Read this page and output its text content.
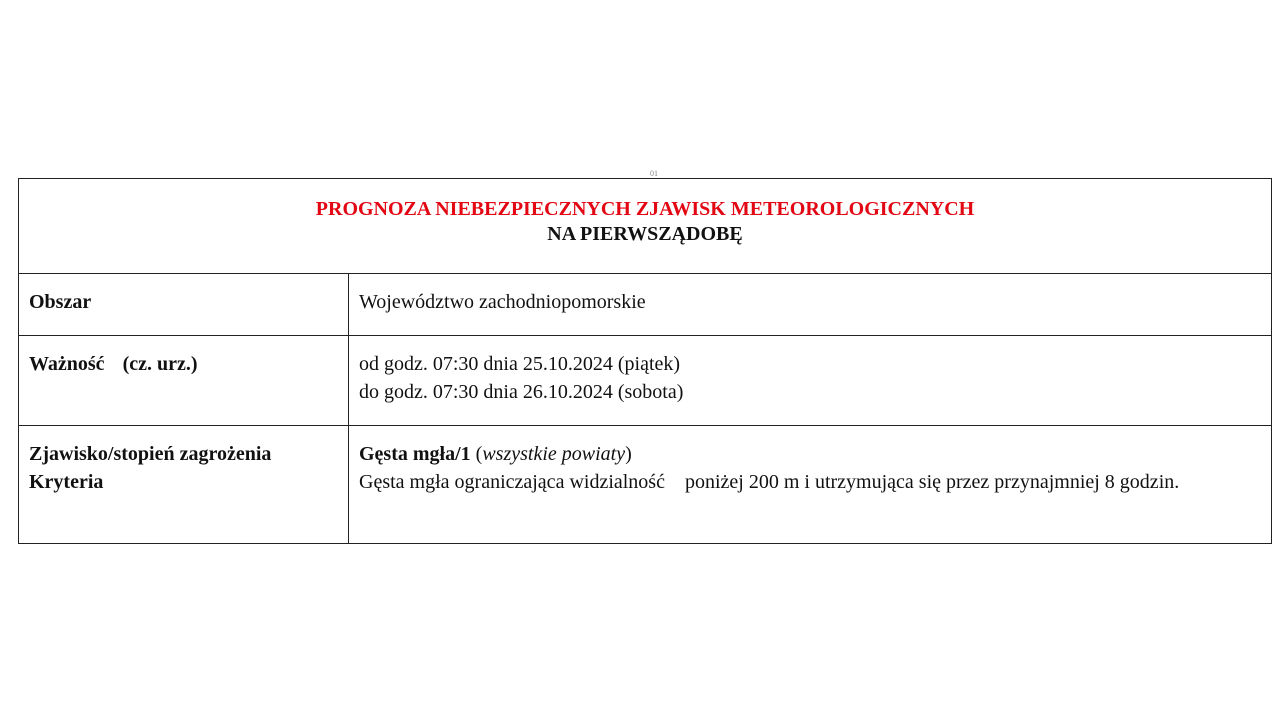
01
PROGNOZA NIEBEZPIECZNYCH ZJAWISK METEOROLOGICZNYCH
NA PIERWSZĄDOBĘ	

Obszar	Województwo zachodniopomorskie
Ważność (cz. urz.)	od godz. 07:30 dnia 25.10.2024 (piątek)
do godz. 07:30 dnia 26.10.2024 (sobota)

Zjawisko/stopień zagrożenia
Kryteria	Gęsta mgła/1 (wszystkie powiaty)
Gęsta mgła ograniczająca widzialność    poniżej 200 m i utrzymująca się przez przynajmniej 8 godzin.
